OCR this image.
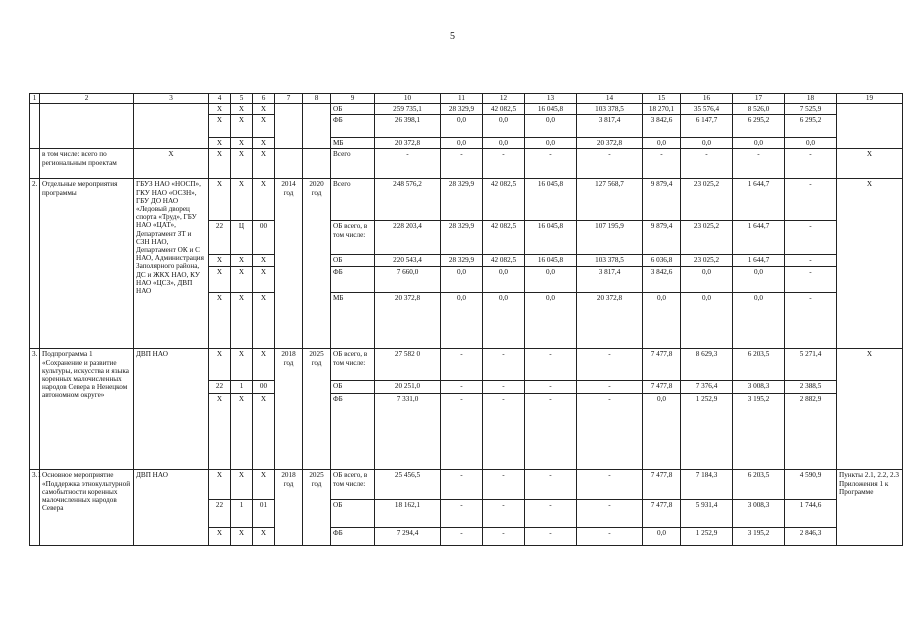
5
1	2	3	4	5	6	7	8	9	10	11	12	13	14	15	16	17	18	19
			X	X	X			ОБ	259 735,1	28 329,9	42 082,5	16 045,8	103 378,5	18 270,1	35 576,4	8 526,0	7 525,9	
			X	X	X			ФБ	26 398,1	0,0	0,0	0,0	3 817,4	3 842,6	6 147,7	6 295,2	6 295,2	
			X	X	X			МБ	20 372,8	0,0	0,0	0,0	20 372,8	0,0	0,0	0,0	0,0	
	в том числе: всего по региональным проектам	X	X	X	X			Всего	-	-	-	-	-	-	-	-	-	X
2.	Отдельные мероприятия программы	ГБУЗ НАО «НОСП», ГКУ НАО «ОСЗН», ГБУ ДО НАО «Ледовый дворец спорта «Труд», ГБУ НАО «ЦАТ», Департамент ЗТ и СЗН НАО, Департамент ОК и С НАО, Администрация Заполярного района, ДС и ЖКХ НАО, КУ НАО «ЦСЗ», ДВП НАО	X	X	X	2014 год	2020 год	Всего	248 576,2	28 329,9	42 082,5	16 045,8	127 568,7	9 879,4	23 025,2	1 644,7	-	X
			22	Ц	00			ОБ всего, в том числе:	228 203,4	28 329,9	42 082,5	16 045,8	107 195,9	9 879,4	23 025,2	1 644,7	-	
			X	X	X			ОБ	220 543,4	28 329,9	42 082,5	16 045,8	103 378,5	6 036,8	23 025,2	1 644,7	-	
			X	X	X			ФБ	7 660,0	0,0	0,0	0,0	3 817,4	3 842,6	0,0	0,0	-	
			X	X	X			МБ	20 372,8	0,0	0,0	0,0	20 372,8	0,0	0,0	0,0	-	
3.	Подпрограмма 1 «Сохранение и развитие культуры, искусства и языка коренных малочисленных народов Севера в Ненецком автономном округе»	ДВП НАО	X	X	X	2018 год	2025 год	ОБ всего, в том числе:	27 582 0	-	-	-	-	7 477,8	8 629,3	6 203,5	5 271,4	X
			22	1	00			ОБ	20 251,0	-	-	-	-	7 477,8	7 376,4	3 008,3	2 388,5	
			X	X	X			ФБ	7 331,0	-	-	-	-	0,0	1 252,9	3 195,2	2 882,9	
3.1	Основное мероприятие «Поддержка этнокультурной самобытности коренных малочисленных народов Севера	ДВП НАО	X	X	X	2018 год	2025 год	ОБ всего, в том числе:	25 456,5	-	-	-	-	7 477,8	7 184,3	6 203,5	4 590,9	Пункты 2.1, 2.2, 2.3 Приложения 1 к Программе
			22	1	01			ОБ	18 162,1	-	-	-	-	7 477,8	5 931,4	3 008,3	1 744,6	
			X	X	X			ФБ	7 294,4	-	-	-	-	0,0	1 252,9	3 195,2	2 846,3	
